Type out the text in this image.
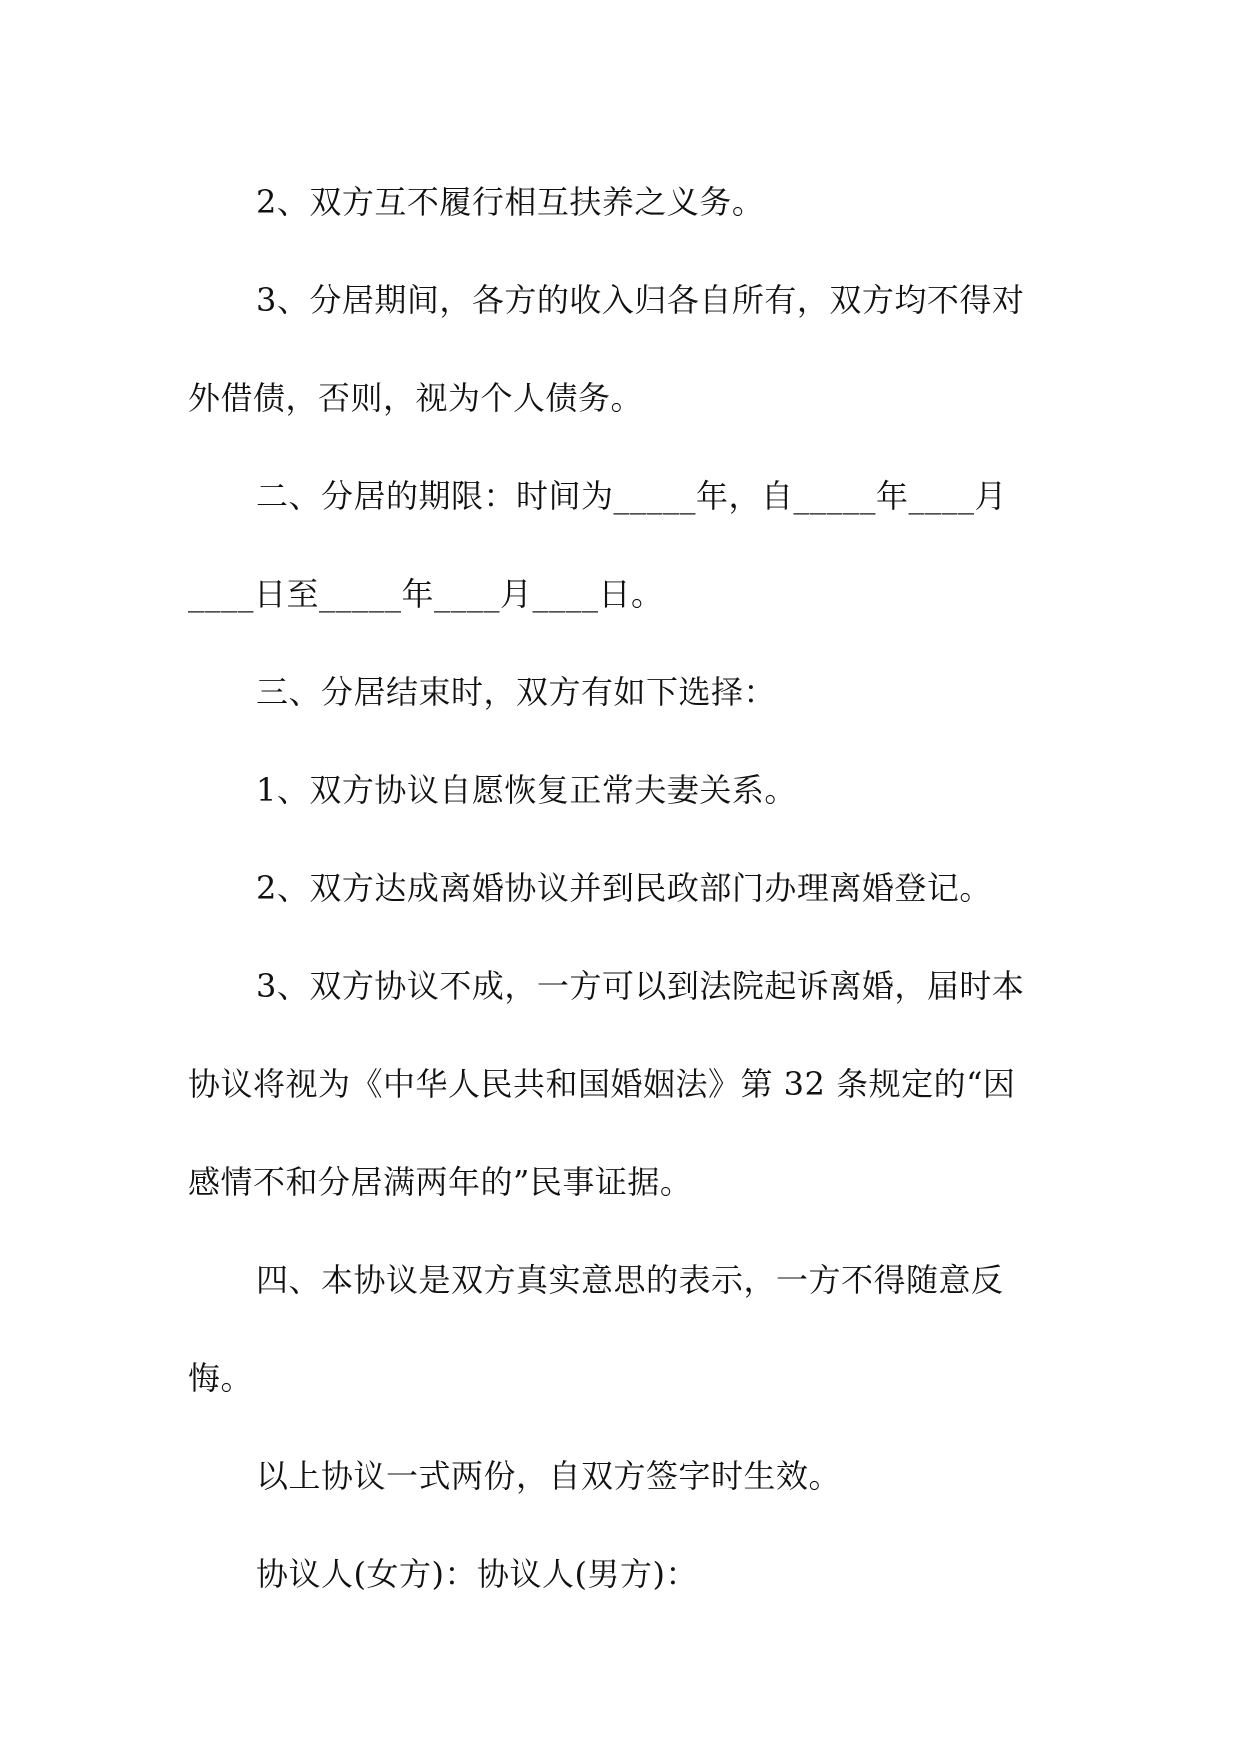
2、双方互不履行相互扶养之义务。
3、分居期间，各方的收入归各自所有，双方均不得对
外借债，否则，视为个人债务。
二、分居的期限：时间为_____年，自_____年____月
____日至_____年____月____日。
三、分居结束时，双方有如下选择：
1、双方协议自愿恢复正常夫妻关系。
2、双方达成离婚协议并到民政部门办理离婚登记。
3、双方协议不成，一方可以到法院起诉离婚，届时本
协议将视为《中华人民共和国婚姻法》第 32 条规定的“因
感情不和分居满两年的”民事证据。
四、本协议是双方真实意思的表示，一方不得随意反
悔。
以上协议一式两份，自双方签字时生效。
协议人(女方)：协议人(男方)：
